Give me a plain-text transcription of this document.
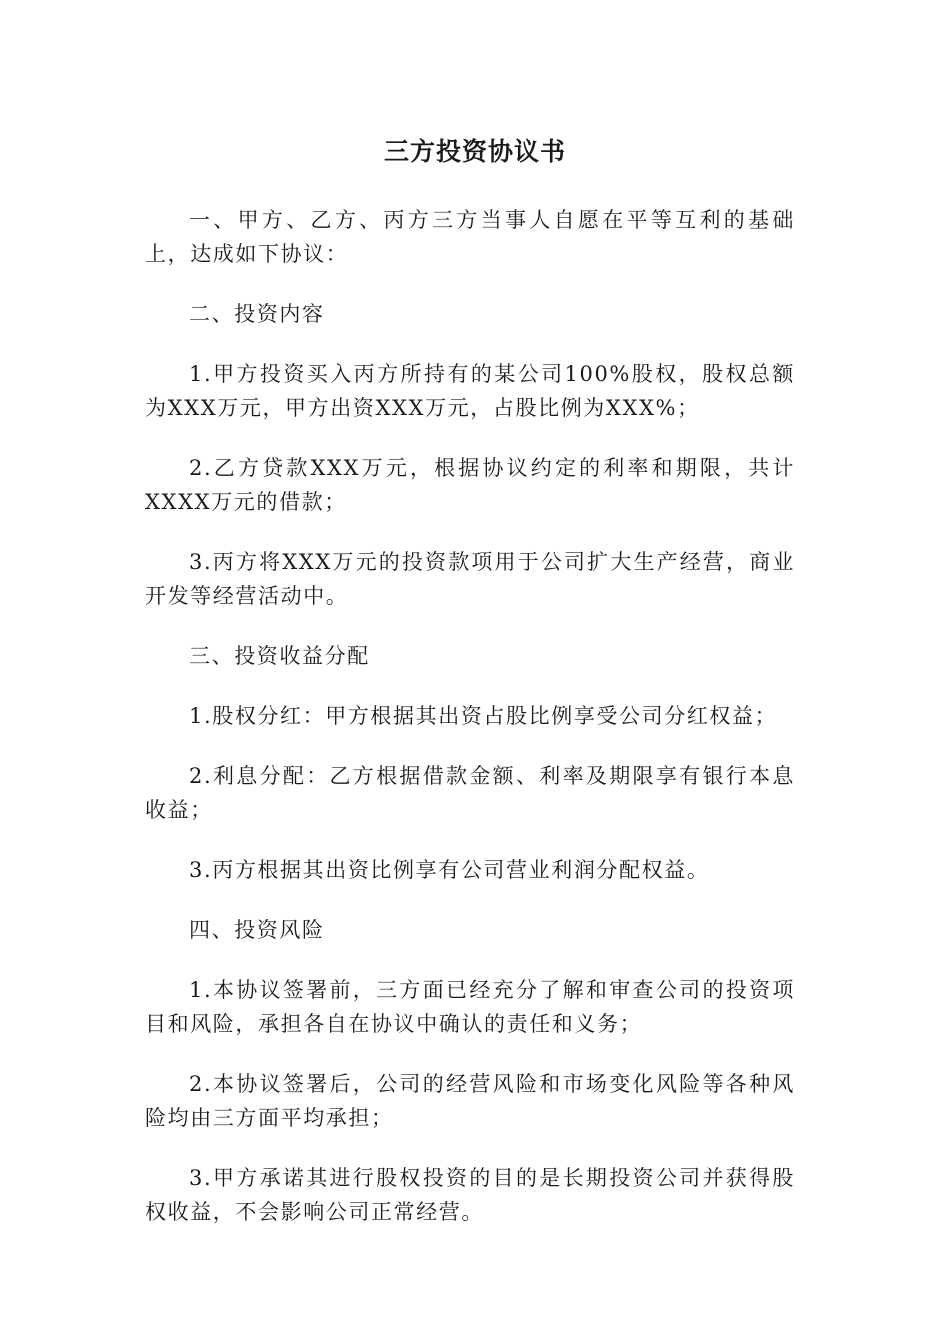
三方投资协议书

一、甲方、乙方、丙方三方当事人自愿在平等互利的基础上，达成如下协议：

二、投资内容

1.甲方投资买入丙方所持有的某公司100%股权，股权总额为XXX万元，甲方出资XXX万元，占股比例为XXX%；

2.乙方贷款XXX万元，根据协议约定的利率和期限，共计XXXX万元的借款；

3.丙方将XXX万元的投资款项用于公司扩大生产经营，商业开发等经营活动中。

三、投资收益分配

1.股权分红：甲方根据其出资占股比例享受公司分红权益；

2.利息分配：乙方根据借款金额、利率及期限享有银行本息收益；

3.丙方根据其出资比例享有公司营业利润分配权益。

四、投资风险

1.本协议签署前，三方面已经充分了解和审查公司的投资项目和风险，承担各自在协议中确认的责任和义务；

2.本协议签署后，公司的经营风险和市场变化风险等各种风险均由三方面平均承担；

3.甲方承诺其进行股权投资的目的是长期投资公司并获得股权收益，不会影响公司正常经营。
